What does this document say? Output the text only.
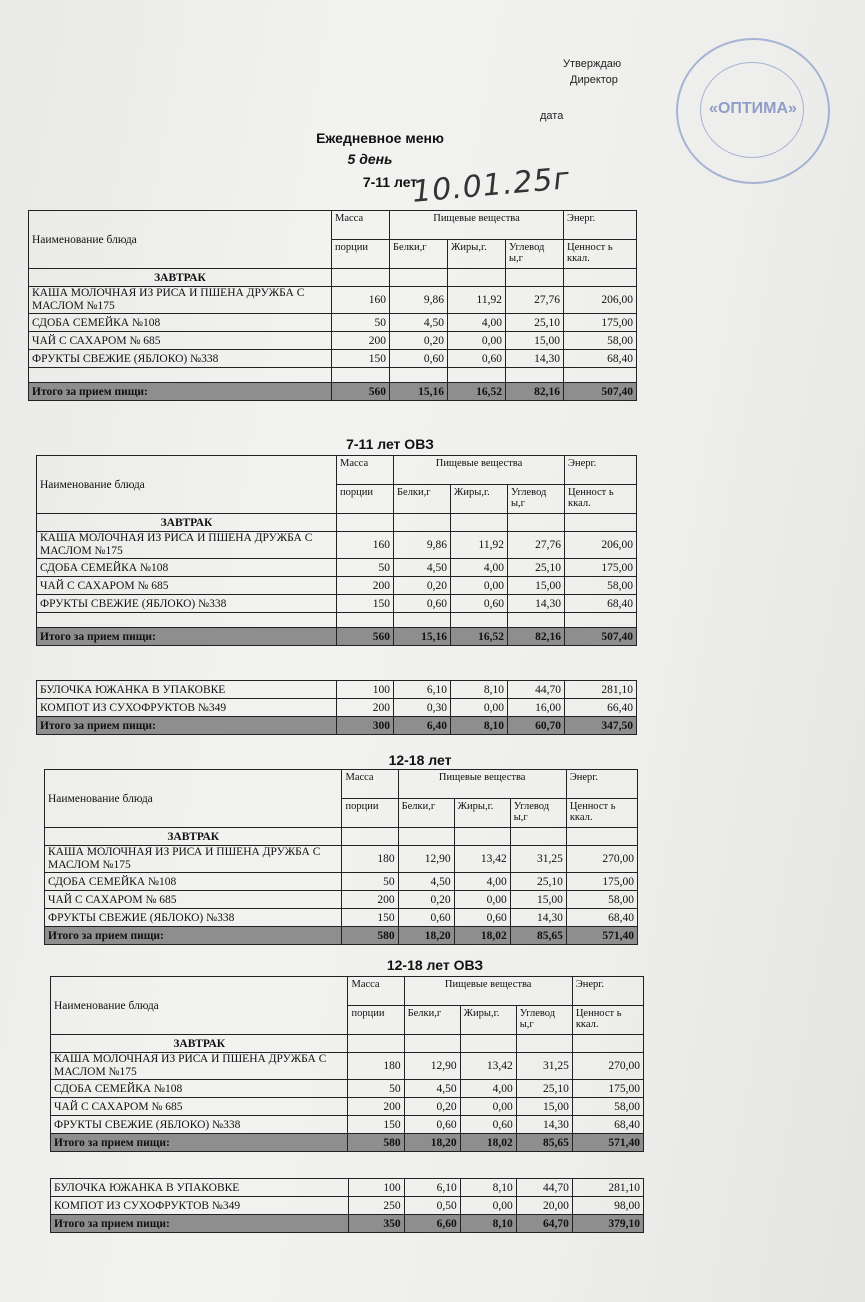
Утверждаю
Директор
дата	«ОПТИМА»
Ежедневное меню
5 день
10.01.25г
7-11 лет
Наименование блюда	Масса	Пищевые вещества			Энерг.
	порции	Белки,г	Жиры,г.	Углевод ы,г	Ценност ь ккал.
ЗАВТРАК					
КАША МОЛОЧНАЯ ИЗ РИСА И ПШЕНА ДРУЖБА С МАСЛОМ №175	160	9,86	11,92	27,76	206,00
СДОБА СЕМЕЙКА №108	50	4,50	4,00	25,10	175,00
ЧАЙ С САХАРОМ № 685	200	0,20	0,00	15,00	58,00
ФРУКТЫ СВЕЖИЕ (ЯБЛОКО) №338	150	0,60	0,60	14,30	68,40

Итого за прием пищи:	560	15,16	16,52	82,16	507,40
7-11 лет ОВЗ
Наименование блюда	Масса	Пищевые вещества			Энерг.
	порции	Белки,г	Жиры,г.	Углевод ы,г	Ценност ь ккал.
ЗАВТРАК					
КАША МОЛОЧНАЯ ИЗ РИСА И ПШЕНА ДРУЖБА С МАСЛОМ №175	160	9,86	11,92	27,76	206,00
СДОБА СЕМЕЙКА №108	50	4,50	4,00	25,10	175,00
ЧАЙ С САХАРОМ № 685	200	0,20	0,00	15,00	58,00
ФРУКТЫ СВЕЖИЕ (ЯБЛОКО) №338	150	0,60	0,60	14,30	68,40

Итого за прием пищи:	560	15,16	16,52	82,16	507,40
БУЛОЧКА ЮЖАНКА В УПАКОВКЕ	100	6,10	8,10	44,70	281,10
КОМПОТ ИЗ СУХОФРУКТОВ №349	200	0,30	0,00	16,00	66,40
Итого за прием пищи:	300	6,40	8,10	60,70	347,50
12-18 лет
Наименование блюда	Масса	Пищевые вещества			Энерг.
	порции	Белки,г	Жиры,г.	Углевод ы,г	Ценност ь ккал.
ЗАВТРАК					
КАША МОЛОЧНАЯ ИЗ РИСА И ПШЕНА ДРУЖБА С МАСЛОМ №175	180	12,90	13,42	31,25	270,00
СДОБА СЕМЕЙКА №108	50	4,50	4,00	25,10	175,00
ЧАЙ С САХАРОМ № 685	200	0,20	0,00	15,00	58,00
ФРУКТЫ СВЕЖИЕ (ЯБЛОКО) №338	150	0,60	0,60	14,30	68,40
Итого за прием пищи:	580	18,20	18,02	85,65	571,40
12-18 лет ОВЗ
Наименование блюда	Масса	Пищевые вещества			Энерг.
	порции	Белки,г	Жиры,г.	Углевод ы,г	Ценност ь ккал.
ЗАВТРАК					
КАША МОЛОЧНАЯ ИЗ РИСА И ПШЕНА ДРУЖБА С МАСЛОМ №175	180	12,90	13,42	31,25	270,00
СДОБА СЕМЕЙКА №108	50	4,50	4,00	25,10	175,00
ЧАЙ С САХАРОМ № 685	200	0,20	0,00	15,00	58,00
ФРУКТЫ СВЕЖИЕ (ЯБЛОКО) №338	150	0,60	0,60	14,30	68,40
Итого за прием пищи:	580	18,20	18,02	85,65	571,40
БУЛОЧКА ЮЖАНКА В УПАКОВКЕ	100	6,10	8,10	44,70	281,10
КОМПОТ ИЗ СУХОФРУКТОВ №349	250	0,50	0,00	20,00	98,00
Итого за прием пищи:	350	6,60	8,10	64,70	379,10
